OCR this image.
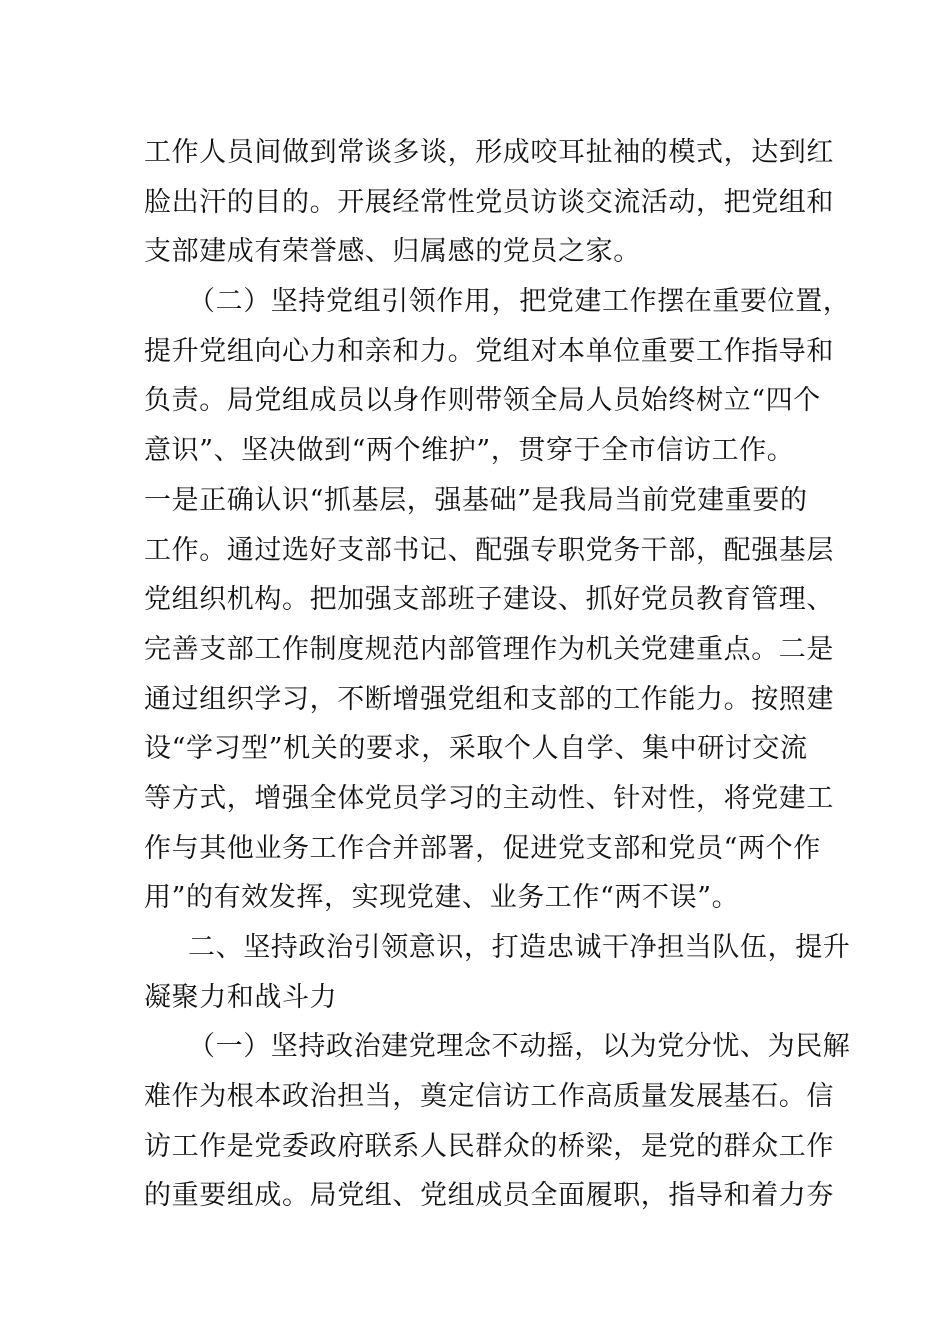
工作人员间做到常谈多谈，形成咬耳扯袖的模式，达到红
脸出汗的目的。开展经常性党员访谈交流活动，把党组和
支部建成有荣誉感、归属感的党员之家。
（二）坚持党组引领作用，把党建工作摆在重要位置，
提升党组向心力和亲和力。党组对本单位重要工作指导和
负责。局党组成员以身作则带领全局人员始终树立“四个
意识”、坚决做到“两个维护”，贯穿于全市信访工作。
一是正确认识“抓基层，强基础”是我局当前党建重要的
工作。通过选好支部书记、配强专职党务干部，配强基层
党组织机构。把加强支部班子建设、抓好党员教育管理、
完善支部工作制度规范内部管理作为机关党建重点。二是
通过组织学习，不断增强党组和支部的工作能力。按照建
设“学习型”机关的要求，采取个人自学、集中研讨交流
等方式，增强全体党员学习的主动性、针对性，将党建工
作与其他业务工作合并部署，促进党支部和党员“两个作
用”的有效发挥，实现党建、业务工作“两不误”。
二、坚持政治引领意识，打造忠诚干净担当队伍，提升
凝聚力和战斗力
（一）坚持政治建党理念不动摇，以为党分忧、为民解
难作为根本政治担当，奠定信访工作高质量发展基石。信
访工作是党委政府联系人民群众的桥梁，是党的群众工作
的重要组成。局党组、党组成员全面履职，指导和着力夯
